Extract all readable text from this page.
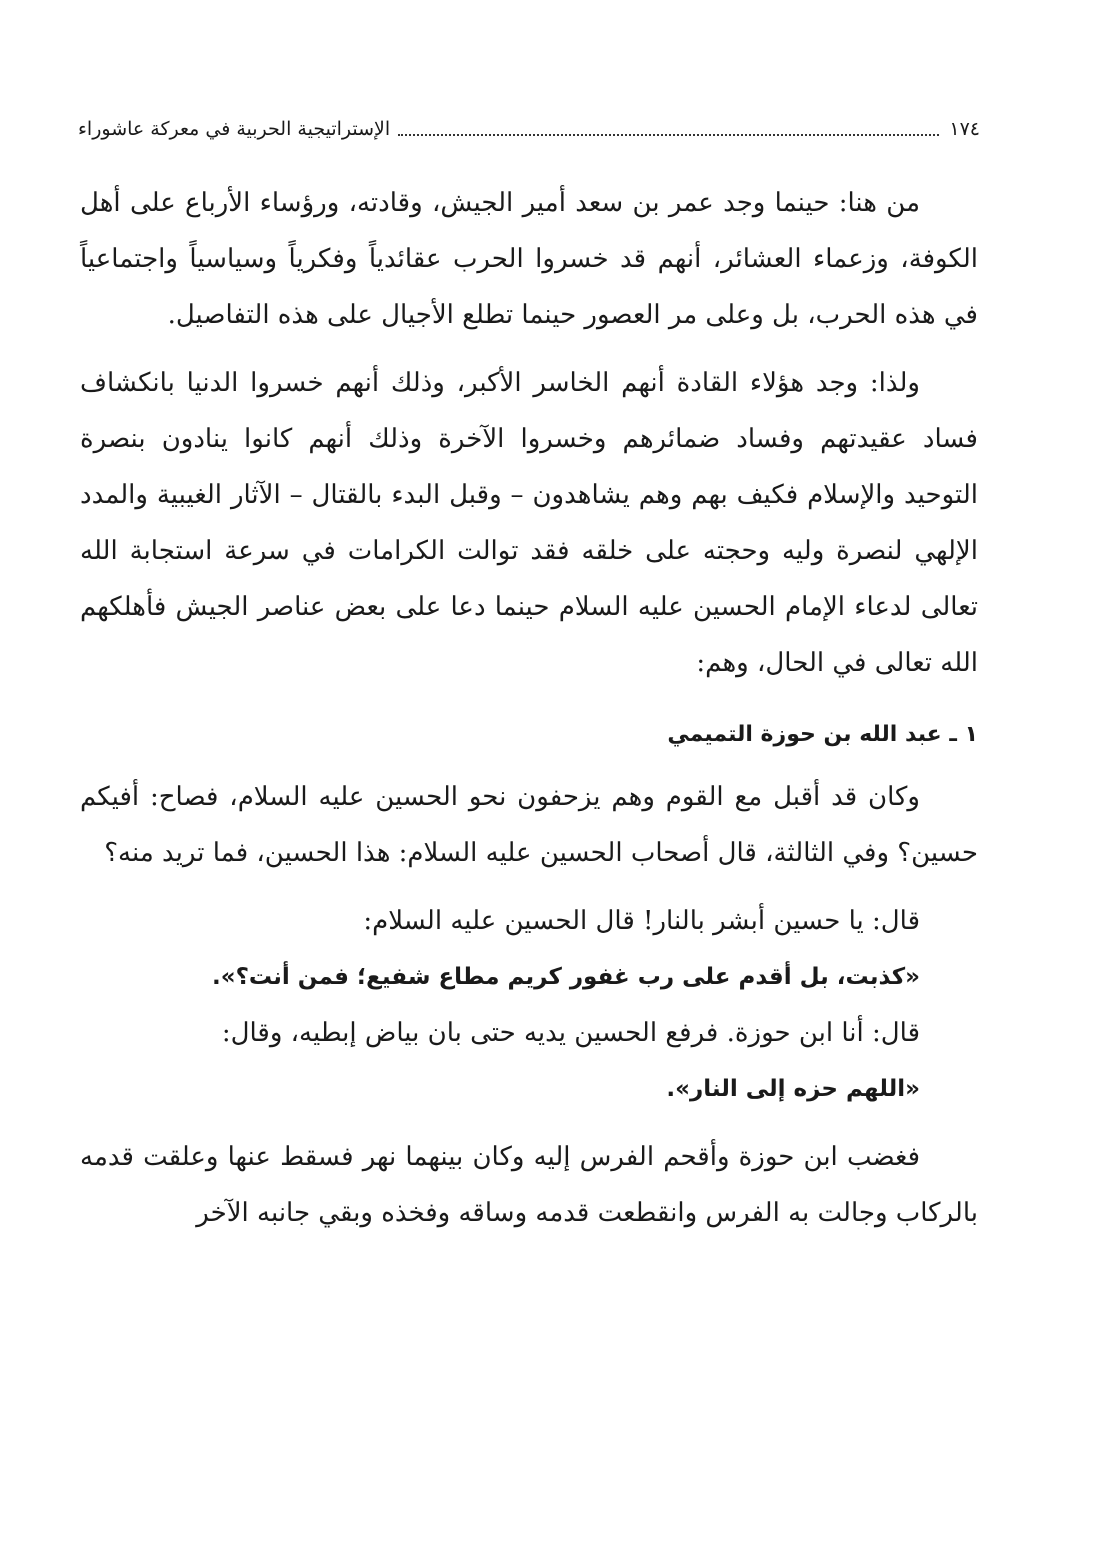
١٧٤
الإستراتيجية الحربية في معركة عاشوراء

من هنا: حينما وجد عمر بن سعد أمير الجيش، وقادته، ورؤساء الأرباع على أهل الكوفة، وزعماء العشائر، أنهم قد خسروا الحرب عقائدياً وفكرياً وسياسياً واجتماعياً في هذه الحرب، بل وعلى مر العصور حينما تطلع الأجيال على هذه التفاصيل.

ولذا: وجد هؤلاء القادة أنهم الخاسر الأكبر، وذلك أنهم خسروا الدنيا بانكشاف فساد عقيدتهم وفساد ضمائرهم وخسروا الآخرة وذلك أنهم كانوا ينادون بنصرة التوحيد والإسلام فكيف بهم وهم يشاهدون – وقبل البدء بالقتال – الآثار الغيبية والمدد الإلهي لنصرة وليه وحجته على خلقه فقد توالت الكرامات في سرعة استجابة الله تعالى لدعاء الإمام الحسين عليه السلام حينما دعا على بعض عناصر الجيش فأهلكهم الله تعالى في الحال، وهم:

١ ـ عبد الله بن حوزة التميمي

وكان قد أقبل مع القوم وهم يزحفون نحو الحسين عليه السلام، فصاح: أفيكم حسين؟ وفي الثالثة، قال أصحاب الحسين عليه السلام: هذا الحسين، فما تريد منه؟

قال: يا حسين أبشر بالنار! قال الحسين عليه السلام:

«كذبت، بل أقدم على رب غفور كريم مطاع شفيع؛ فمن أنت؟».

قال: أنا ابن حوزة. فرفع الحسين يديه حتى بان بياض إبطيه، وقال:

«اللهم حزه إلى النار».

فغضب ابن حوزة وأقحم الفرس إليه وكان بينهما نهر فسقط عنها وعلقت قدمه بالركاب وجالت به الفرس وانقطعت قدمه وساقه وفخذه وبقي جانبه الآخر
